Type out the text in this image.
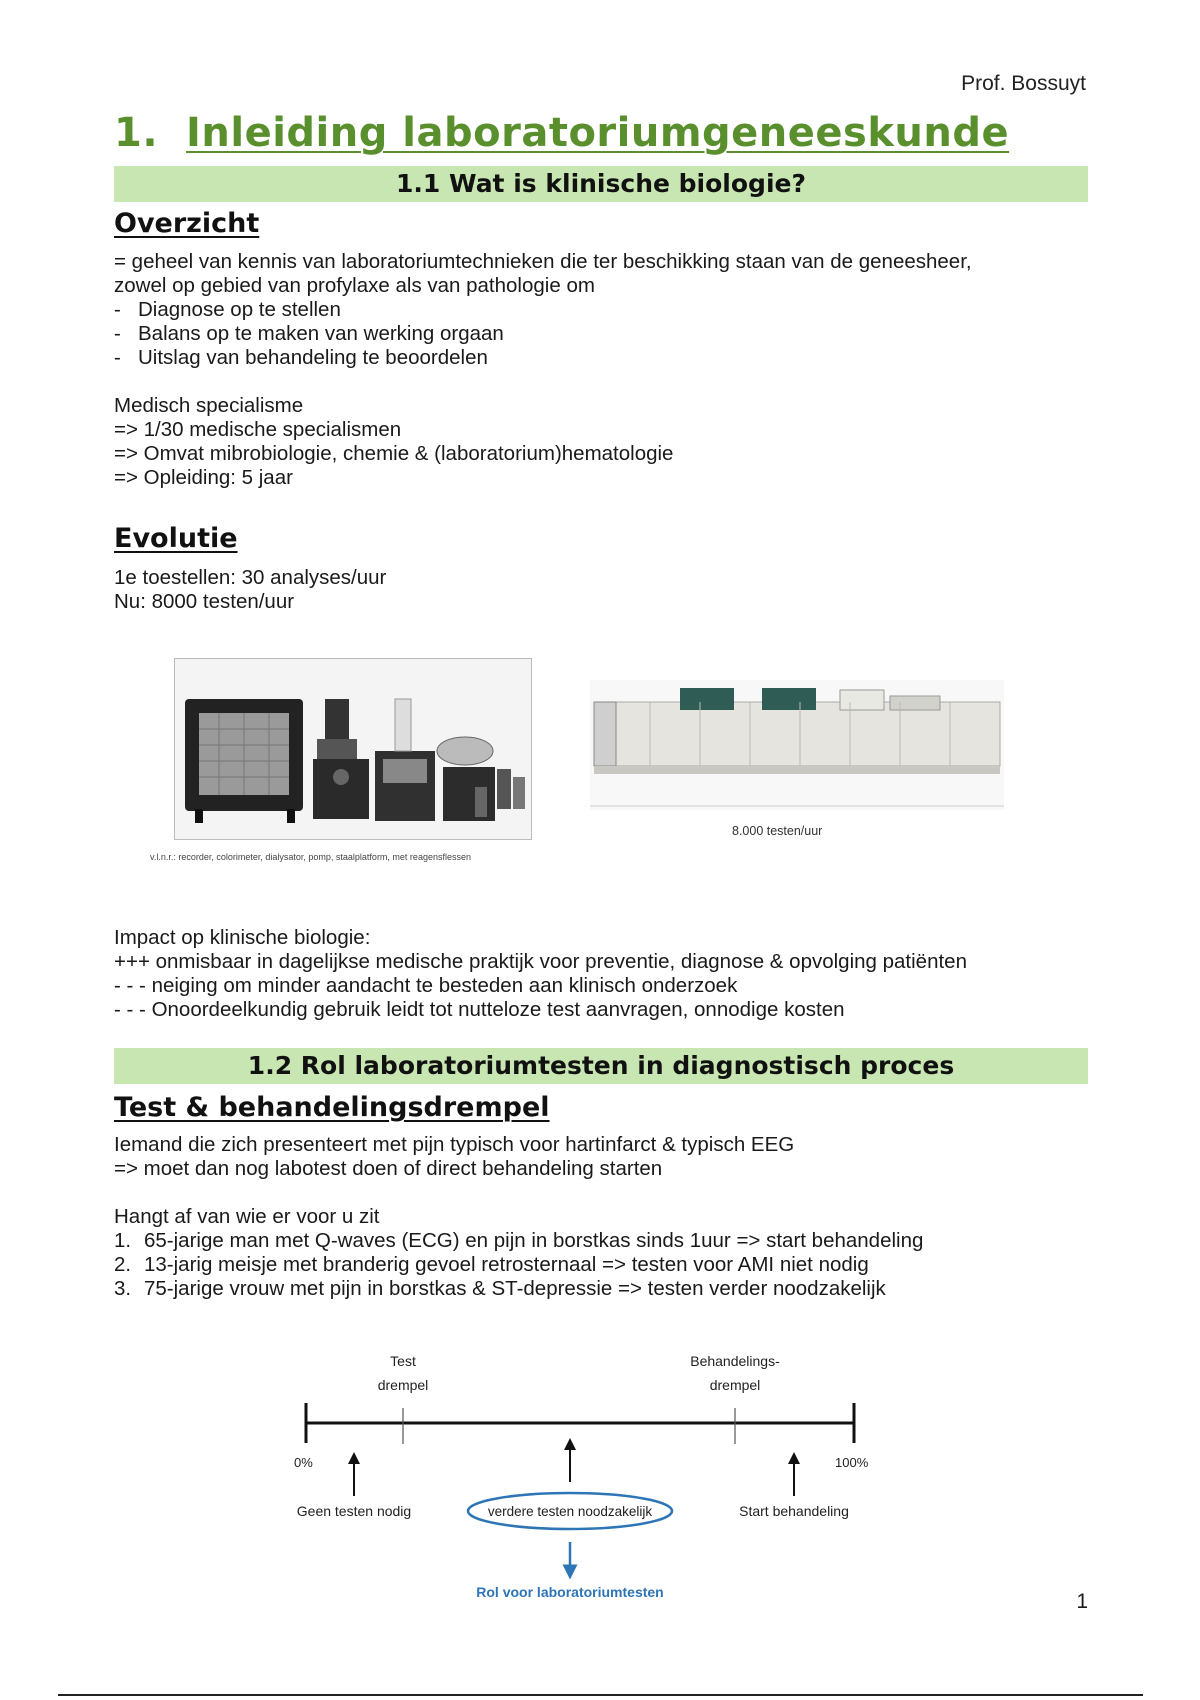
Prof. Bossuyt
1. Inleiding laboratoriumgeneeskunde
1.1 Wat is klinische biologie?
Overzicht
= geheel van kennis van laboratoriumtechnieken die ter beschikking staan van de geneesheer,
zowel op gebied van profylaxe als van pathologie om
- Diagnose op te stellen
- Balans op te maken van werking orgaan
- Uitslag van behandeling te beoordelen
Medisch specialisme
=> 1/30 medische specialismen
=> Omvat mibrobiologie, chemie & (laboratorium)hematologie
=> Opleiding: 5 jaar
Evolutie
1e toestellen: 30 analyses/uur
Nu: 8000 testen/uur
v.l.n.r.: recorder, colorimeter, dialysator, pomp, staalplatform, met reagensflessen
8.000 testen/uur
Impact op klinische biologie:
+++ onmisbaar in dagelijkse medische praktijk voor preventie, diagnose & opvolging patiënten
- - - neiging om minder aandacht te besteden aan klinisch onderzoek
- - - Onoordeelkundig gebruik leidt tot nutteloze test aanvragen, onnodige kosten
1.2 Rol laboratoriumtesten in diagnostisch proces
Test & behandelingsdrempel
Iemand die zich presenteert met pijn typisch voor hartinfarct & typisch EEG
=> moet dan nog labotest doen of direct behandeling starten
Hangt af van wie er voor u zit
1. 65-jarige man met Q-waves (ECG) en pijn in borstkas sinds 1uur => start behandeling
2. 13-jarig meisje met branderig gevoel retrosternaal => testen voor AMI niet nodig
3. 75-jarige vrouw met pijn in borstkas & ST-depressie => testen verder noodzakelijk
Test
drempel
Behandelings-
drempel
0%	100%
Geen testen nodig	verdere testen noodzakelijk	Start behandeling
Rol voor laboratoriumtesten	1
